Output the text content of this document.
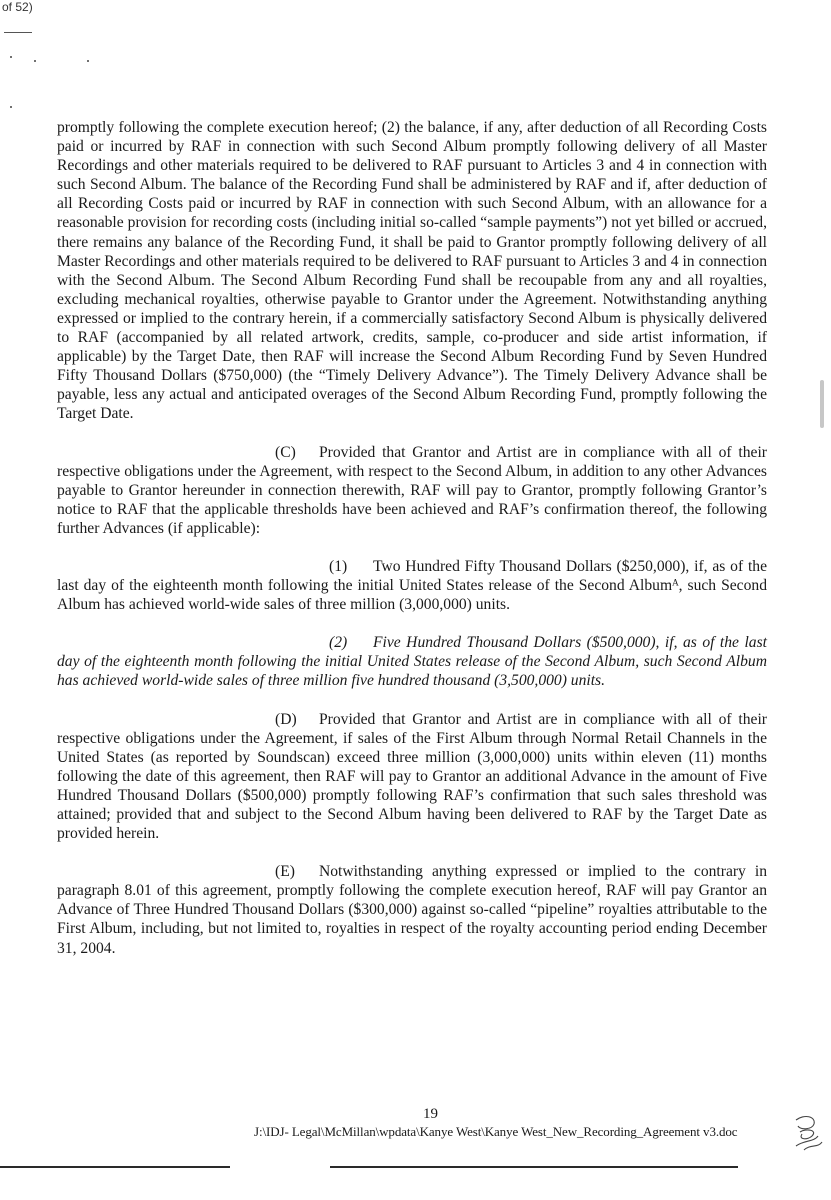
of 52)

promptly following the complete execution hereof; (2) the balance, if any, after deduction of all Recording Costs paid or incurred by RAF in connection with such Second Album promptly following delivery of all Master Recordings and other materials required to be delivered to RAF pursuant to Articles 3 and 4 in connection with such Second Album. The balance of the Recording Fund shall be administered by RAF and if, after deduction of all Recording Costs paid or incurred by RAF in connection with such Second Album, with an allowance for a reasonable provision for recording costs (including initial so-called “sample payments”) not yet billed or accrued, there remains any balance of the Recording Fund, it shall be paid to Grantor promptly following delivery of all Master Recordings and other materials required to be delivered to RAF pursuant to Articles 3 and 4 in connection with the Second Album. The Second Album Recording Fund shall be recoupable from any and all royalties, excluding mechanical royalties, otherwise payable to Grantor under the Agreement. Notwithstanding anything expressed or implied to the contrary herein, if a commercially satisfactory Second Album is physically delivered to RAF (accompanied by all related artwork, credits, sample, co-producer and side artist information, if applicable) by the Target Date, then RAF will increase the Second Album Recording Fund by Seven Hundred Fifty Thousand Dollars ($750,000) (the “Timely Delivery Advance”). The Timely Delivery Advance shall be payable, less any actual and anticipated overages of the Second Album Recording Fund, promptly following the Target Date.

(C) Provided that Grantor and Artist are in compliance with all of their respective obligations under the Agreement, with respect to the Second Album, in addition to any other Advances payable to Grantor hereunder in connection therewith, RAF will pay to Grantor, promptly following Grantor’s notice to RAF that the applicable thresholds have been achieved and RAF’s confirmation thereof, the following further Advances (if applicable):

(1) Two Hundred Fifty Thousand Dollars ($250,000), if, as of the last day of the eighteenth month following the initial United States release of the Second Albumᴬ, such Second Album has achieved world-wide sales of three million (3,000,000) units.

(2) Five Hundred Thousand Dollars ($500,000), if, as of the last day of the eighteenth month following the initial United States release of the Second Album, such Second Album has achieved world-wide sales of three million five hundred thousand (3,500,000) units.

(D) Provided that Grantor and Artist are in compliance with all of their respective obligations under the Agreement, if sales of the First Album through Normal Retail Channels in the United States (as reported by Soundscan) exceed three million (3,000,000) units within eleven (11) months following the date of this agreement, then RAF will pay to Grantor an additional Advance in the amount of Five Hundred Thousand Dollars ($500,000) promptly following RAF’s confirmation that such sales threshold was attained; provided that and subject to the Second Album having been delivered to RAF by the Target Date as provided herein.

(E) Notwithstanding anything expressed or implied to the contrary in paragraph 8.01 of this agreement, promptly following the complete execution hereof, RAF will pay Grantor an Advance of Three Hundred Thousand Dollars ($300,000) against so-called “pipeline” royalties attributable to the First Album, including, but not limited to, royalties in respect of the royalty accounting period ending December 31, 2004.

19
J:\IDJ- Legal\McMillan\wpdata\Kanye West\Kanye West_New_Recording_Agreement v3.doc
